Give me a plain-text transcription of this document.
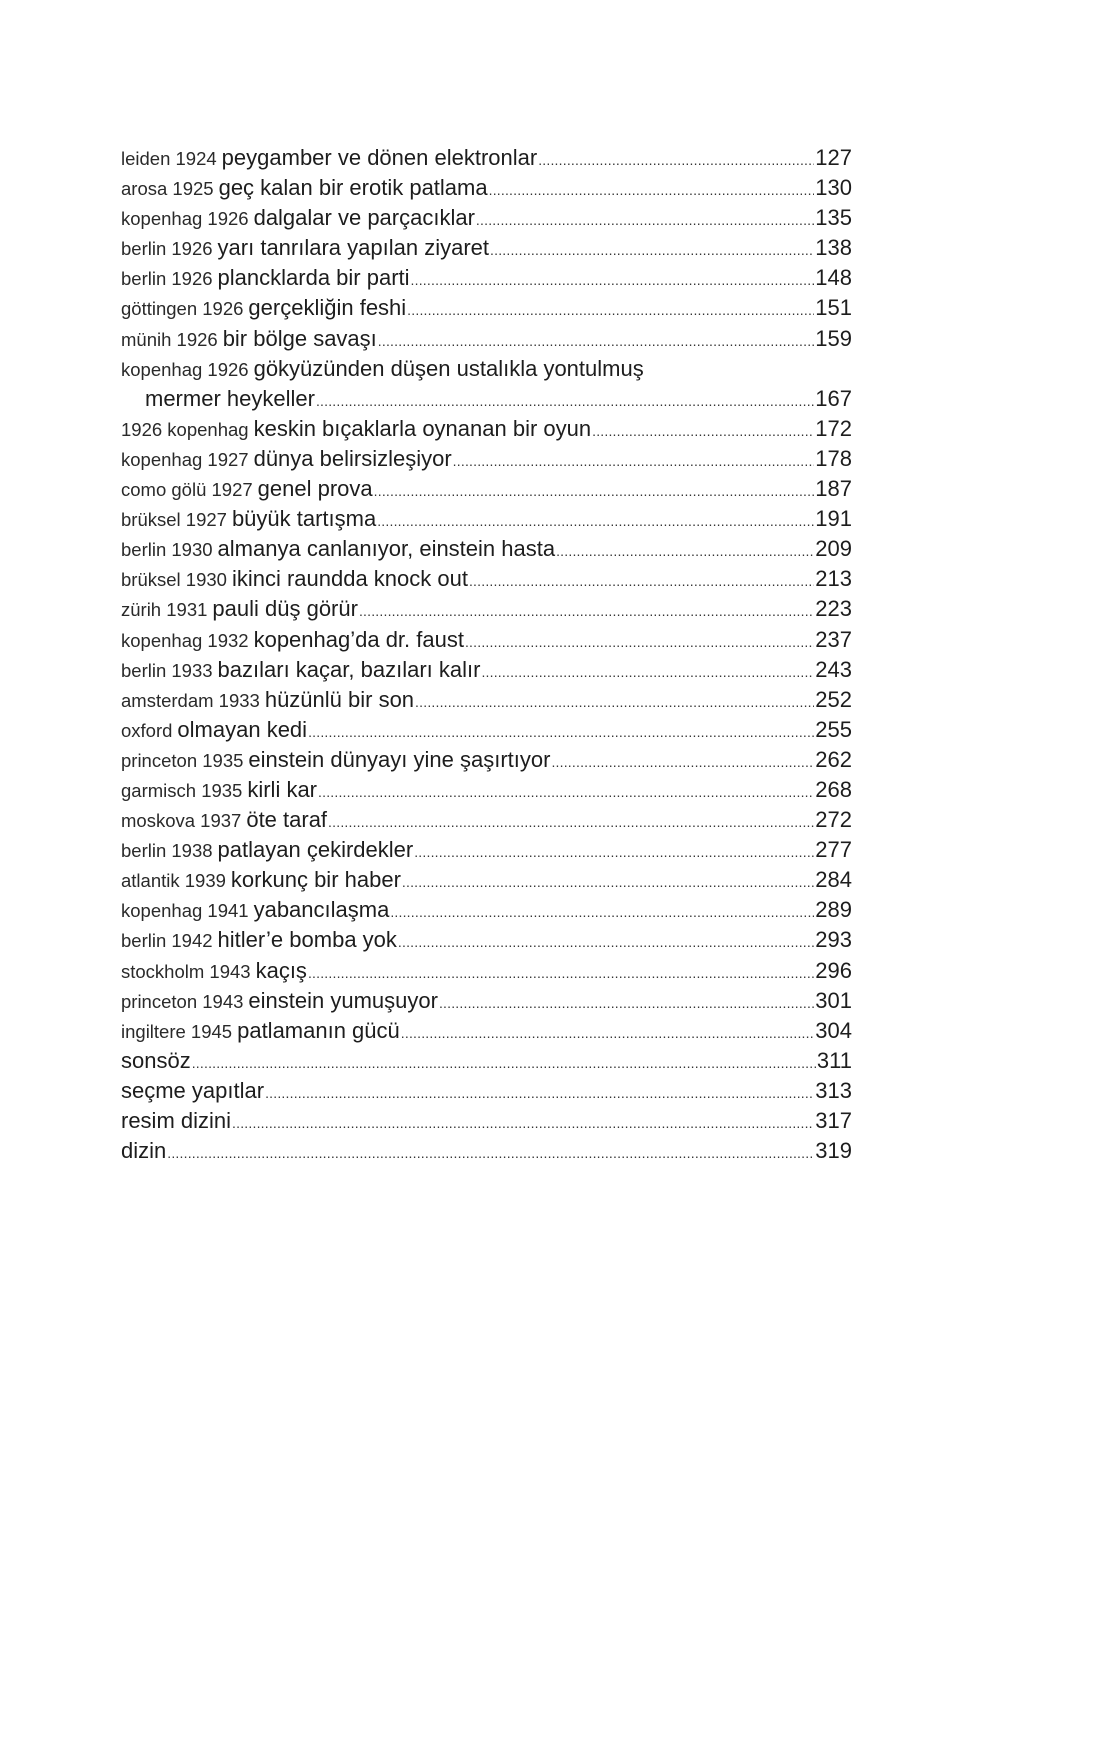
leiden 1924 peygamber ve dönen elektronlar .....	127
arosa 1925 geç kalan bir erotik patlama .....	130
kopenhag 1926 dalgalar ve parçacıklar .....	135
berlin 1926 yarı tanrılara yapılan ziyaret .....	138
berlin 1926 plancklarda bir parti .....	148
göttingen 1926 gerçekliğin feshi .....	151
münih 1926 bir bölge savaşı .....	159
kopenhag 1926 gökyüzünden düşen ustalıkla yontulmuş
mermer heykeller .....	167
1926 kopenhag keskin bıçaklarla oynanan bir oyun .....	172
kopenhag 1927 dünya belirsizleşiyor .....	178
como gölü 1927 genel prova .....	187
brüksel 1927 büyük tartışma .....	191
berlin 1930 almanya canlanıyor, einstein hasta .....	209
brüksel 1930 ikinci raundda knock out .....	213
zürih 1931 pauli düş görür .....	223
kopenhag 1932 kopenhag’da dr. faust .....	237
berlin 1933 bazıları kaçar, bazıları kalır .....	243
amsterdam 1933 hüzünlü bir son .....	252
oxford olmayan kedi .....	255
princeton 1935 einstein dünyayı yine şaşırtıyor .....	262
garmisch 1935 kirli kar .....	268
moskova 1937 öte taraf .....	272
berlin 1938 patlayan çekirdekler .....	277
atlantik 1939 korkunç bir haber .....	284
kopenhag 1941 yabancılaşma .....	289
berlin 1942 hitler’e bomba yok .....	293
stockholm 1943 kaçış .....	296
princeton 1943 einstein yumuşuyor .....	301
ingiltere 1945 patlamanın gücü .....	304
sonsöz .....	311
seçme yapıtlar .....	313
resim dizini .....	317
dizin .....	319
